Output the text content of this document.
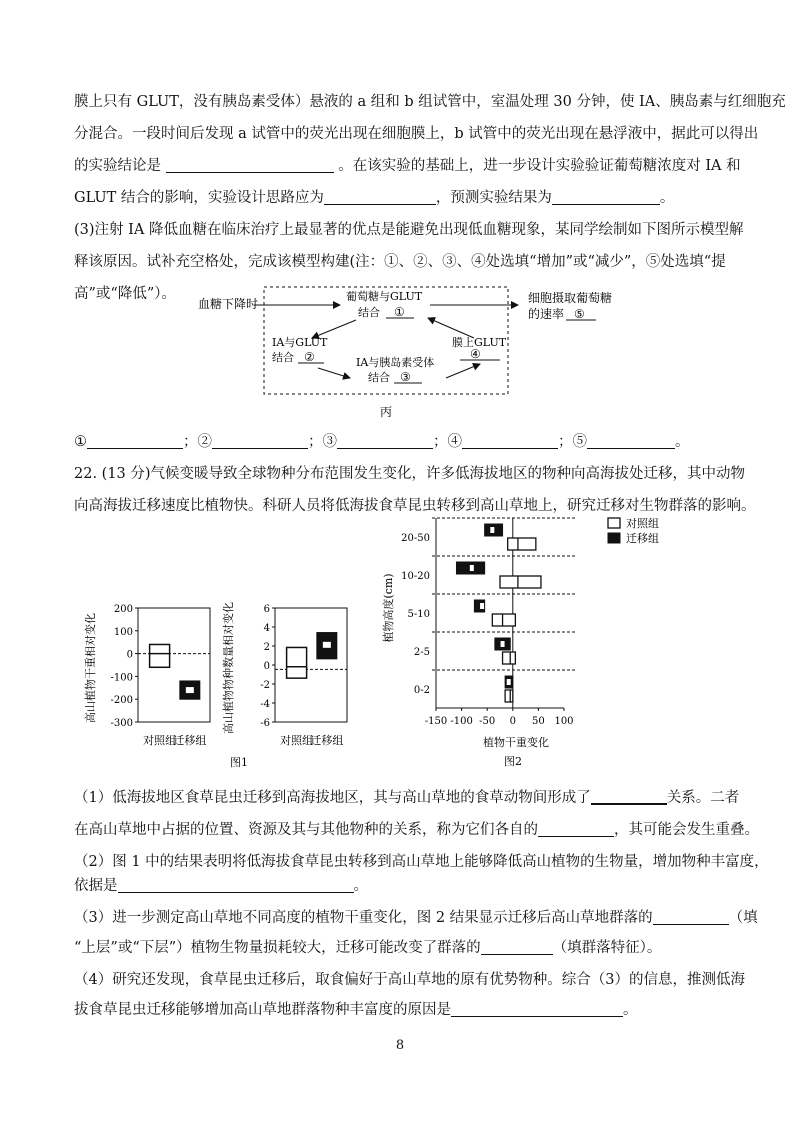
膜上只有 GLUT，没有胰岛素受体）悬液的 a 组和 b 组试管中，室温处理 30 分钟，使 IA、胰岛素与红细胞充
分混合。一段时间后发现 a 试管中的荧光出现在细胞膜上，b 试管中的荧光出现在悬浮液中，据此可以得出
的实验结论是	。在该实验的基础上，进一步设计实验验证葡萄糖浓度对 IA 和
GLUT 结合的影响，实验设计思路应为	，预测实验结果为	。
(3)注射 IA 降低血糖在临床治疗上最显著的优点是能避免出现低血糖现象，某同学绘制如下图所示模型解
释该原因。试补充空格处，完成该模型构建(注：①、②、③、④处选填“增加”或“减少”，⑤处选填“提
高”或“降低”）。
血糖下降时
葡萄糖与GLUT
结合 ①
细胞摄取葡萄糖
的速率 ⑤
IA与GLUT
结合 ②	IA与胰岛素受体
结合 ③
膜上GLUT
④
丙
①	；②	；③	；④	；⑤	。
22. (13 分)气候变暖导致全球物种分布范围发生变化，许多低海拔地区的物种向高海拔处迁移，其中动物
向高海拔迁移速度比植物快。科研人员将低海拔食草昆虫转移到高山草地上，研究迁移对生物群落的影响。
高山植物干重相对变化	高山植物物种数量相对变化
图1
200
100
0
-100
-200
-300
对照组
迁移组
6
4
2
0
-2
-4
-6
对照组
迁移组
植物高度(cm)
植物干重变化
图2
-150 -100 -50 0 50 100
20-50
10-20
5-10
2-5
0-2
对照组
迁移组
（1）低海拔地区食草昆虫迁移到高海拔地区，其与高山草地的食草动物间形成了	关系。二者
在高山草地中占据的位置、资源及其与其他物种的关系，称为它们各自的	，其可能会发生重叠。
（2）图 1 中的结果表明将低海拔食草昆虫转移到高山草地上能够降低高山植物的生物量，增加物种丰富度，
依据是	。
（3）进一步测定高山草地不同高度的植物干重变化，图 2 结果显示迁移后高山草地群落的	（填
“上层”或“下层”）植物生物量损耗较大，迁移可能改变了群落的	（填群落特征）。
（4）研究还发现，食草昆虫迁移后，取食偏好于高山草地的原有优势物种。综合（3）的信息，推测低海
拔食草昆虫迁移能够增加高山草地群落物种丰富度的原因是	。
8
